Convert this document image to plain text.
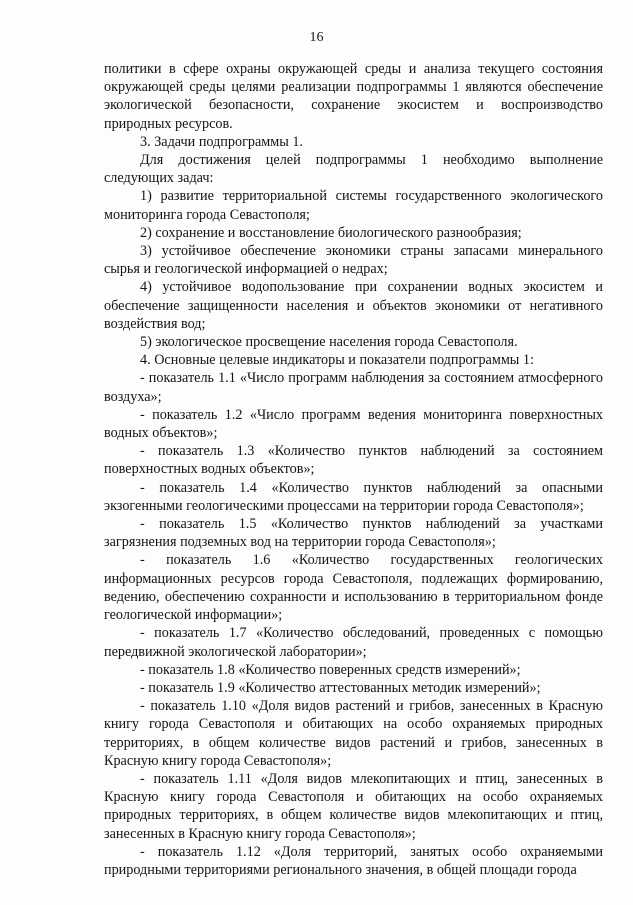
16

политики в сфере охраны окружающей среды и анализа текущего состояния окружающей среды целями реализации подпрограммы 1 являются обеспечение экологической безопасности, сохранение экосистем и воспроизводство природных ресурсов.

3. Задачи подпрограммы 1.

Для достижения целей подпрограммы 1 необходимо выполнение следующих задач:

1) развитие территориальной системы государственного экологического мониторинга города Севастополя;

2) сохранение и восстановление биологического разнообразия;

3) устойчивое обеспечение экономики страны запасами минерального сырья и геологической информацией о недрах;

4) устойчивое водопользование при сохранении водных экосистем и обеспечение защищенности населения и объектов экономики от негативного воздействия вод;

5) экологическое просвещение населения города Севастополя.

4. Основные целевые индикаторы и показатели подпрограммы 1:

- показатель 1.1 «Число программ наблюдения за состоянием атмосферного воздуха»;

- показатель 1.2 «Число программ ведения мониторинга поверхностных водных объектов»;

- показатель 1.3 «Количество пунктов наблюдений за состоянием поверхностных водных объектов»;

- показатель 1.4 «Количество пунктов наблюдений за опасными экзогенными геологическими процессами на территории города Севастополя»;

- показатель 1.5 «Количество пунктов наблюдений за участками загрязнения подземных вод на территории города Севастополя»;

- показатель 1.6 «Количество государственных геологических информационных ресурсов города Севастополя, подлежащих формированию, ведению, обеспечению сохранности и использованию в территориальном фонде геологической информации»;

- показатель 1.7 «Количество обследований, проведенных с помощью передвижной экологической лаборатории»;

- показатель 1.8 «Количество поверенных средств измерений»;

- показатель 1.9 «Количество аттестованных методик измерений»;

- показатель 1.10 «Доля видов растений и грибов, занесенных в Красную книгу города Севастополя и обитающих на особо охраняемых природных территориях, в общем количестве видов растений и грибов, занесенных в Красную книгу города Севастополя»;

- показатель 1.11 «Доля видов млекопитающих и птиц, занесенных в Красную книгу города Севастополя и обитающих на особо охраняемых природных территориях, в общем количестве видов млекопитающих и птиц, занесенных в Красную книгу города Севастополя»;

- показатель 1.12 «Доля территорий, занятых особо охраняемыми природными территориями регионального значения, в общей площади города
